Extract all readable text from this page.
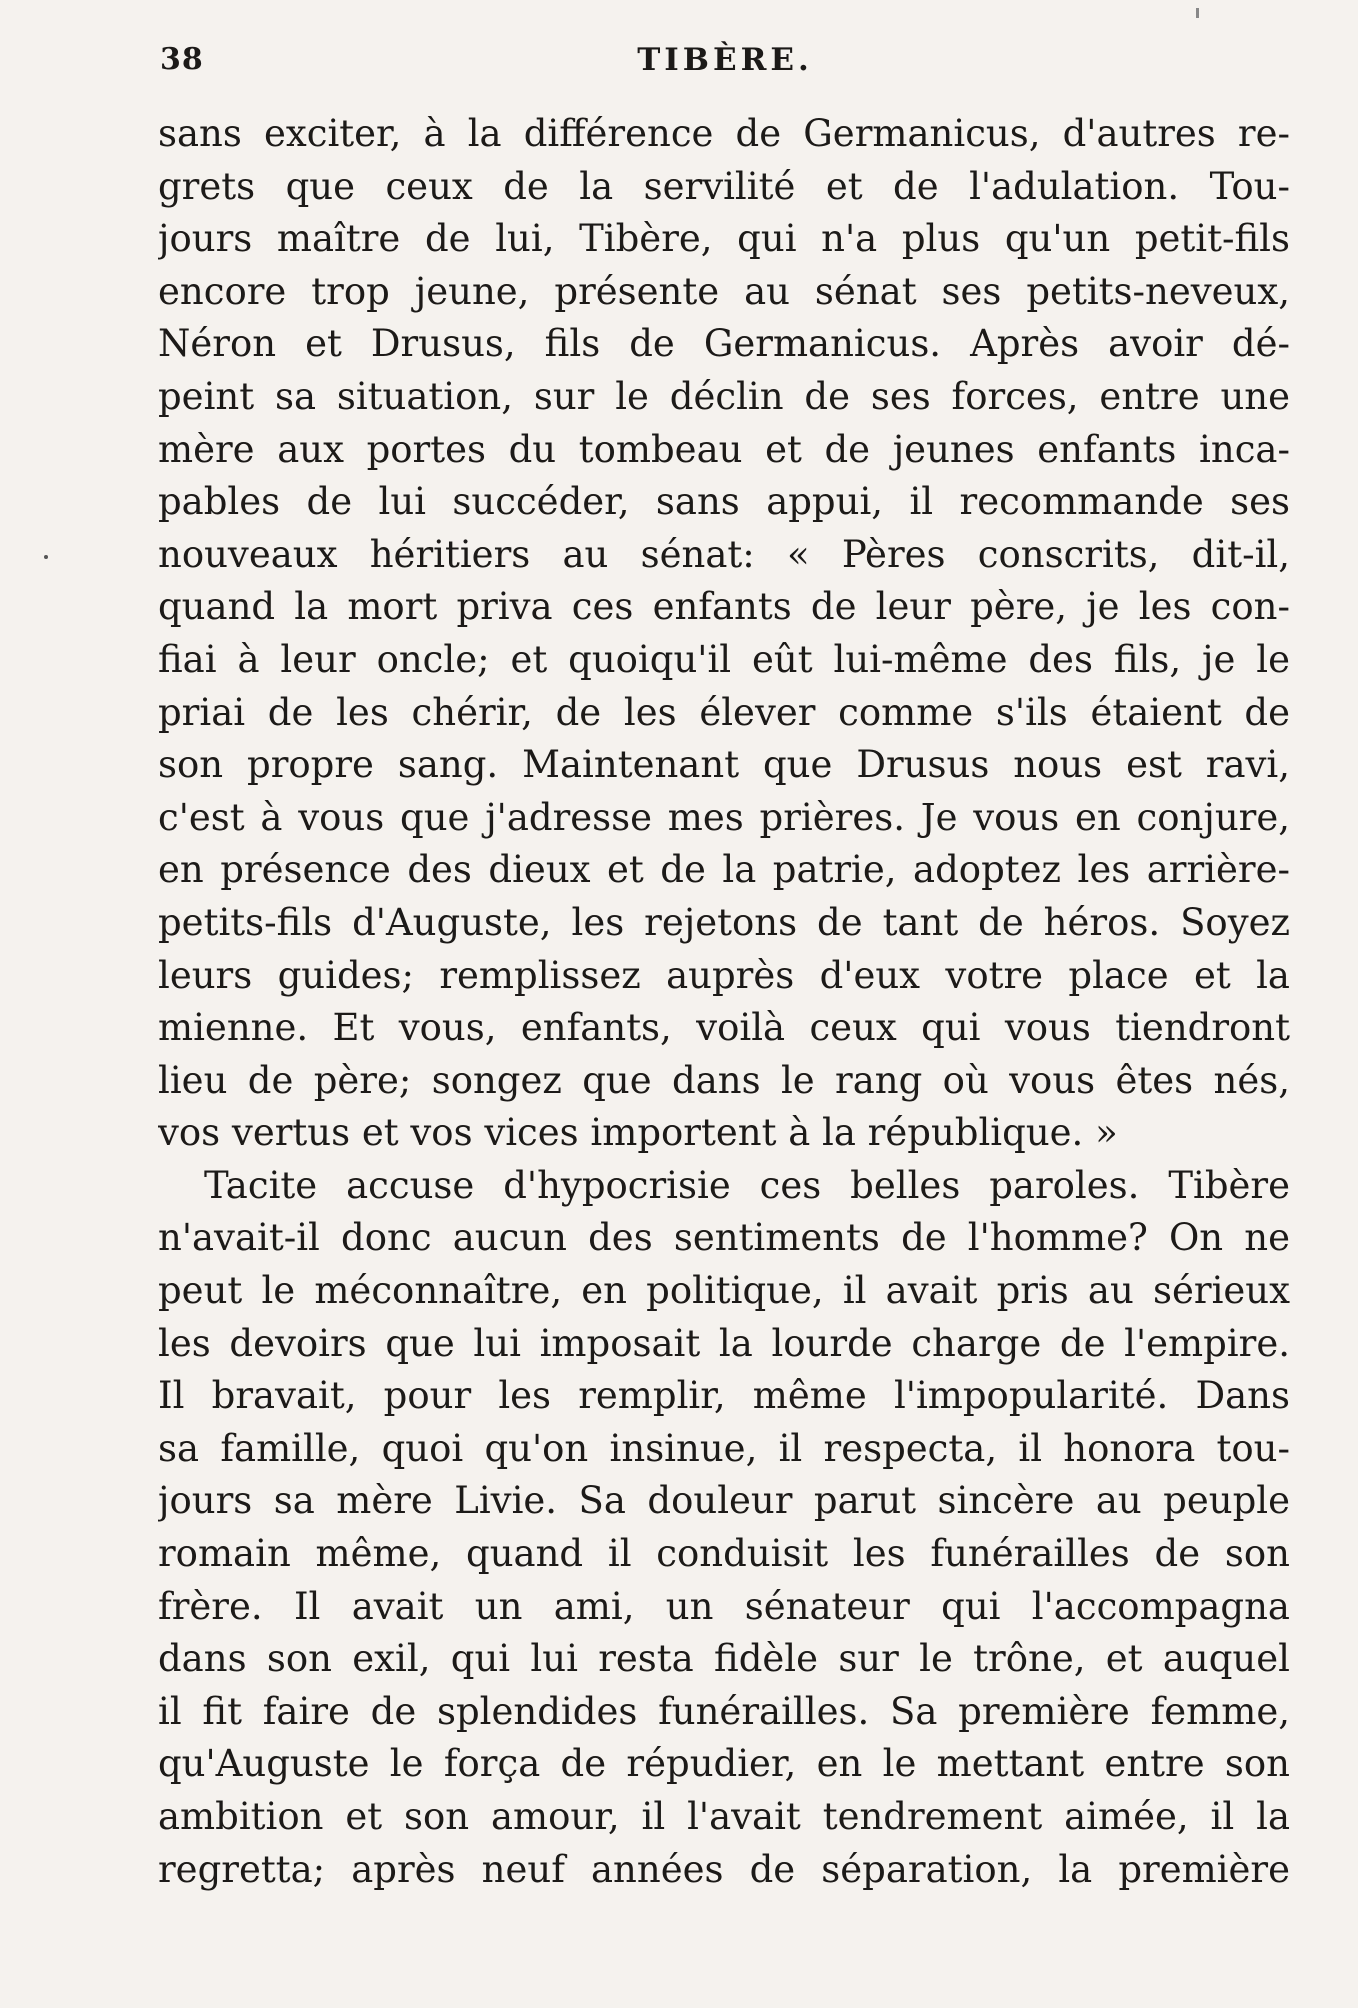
38	TIBÈRE.
sans exciter, à la différence de Germanicus, d'autres re-
grets que ceux de la servilité et de l'adulation. Tou-
jours maître de lui, Tibère, qui n'a plus qu'un petit-fils
encore trop jeune, présente au sénat ses petits-neveux,
Néron et Drusus, fils de Germanicus. Après avoir dé-
peint sa situation, sur le déclin de ses forces, entre une
mère aux portes du tombeau et de jeunes enfants inca-
pables de lui succéder, sans appui, il recommande ses
nouveaux héritiers au sénat: « Pères conscrits, dit-il,
quand la mort priva ces enfants de leur père, je les con-
fiai à leur oncle; et quoiqu'il eût lui-même des fils, je le
priai de les chérir, de les élever comme s'ils étaient de
son propre sang. Maintenant que Drusus nous est ravi,
c'est à vous que j'adresse mes prières. Je vous en conjure,
en présence des dieux et de la patrie, adoptez les arrière-
petits-fils d'Auguste, les rejetons de tant de héros. Soyez
leurs guides; remplissez auprès d'eux votre place et la
mienne. Et vous, enfants, voilà ceux qui vous tiendront
lieu de père; songez que dans le rang où vous êtes nés,
vos vertus et vos vices importent à la république. »
Tacite accuse d'hypocrisie ces belles paroles. Tibère
n'avait-il donc aucun des sentiments de l'homme? On ne
peut le méconnaître, en politique, il avait pris au sérieux
les devoirs que lui imposait la lourde charge de l'empire.
Il bravait, pour les remplir, même l'impopularité. Dans
sa famille, quoi qu'on insinue, il respecta, il honora tou-
jours sa mère Livie. Sa douleur parut sincère au peuple
romain même, quand il conduisit les funérailles de son
frère. Il avait un ami, un sénateur qui l'accompagna
dans son exil, qui lui resta fidèle sur le trône, et auquel
il fit faire de splendides funérailles. Sa première femme,
qu'Auguste le força de répudier, en le mettant entre son
ambition et son amour, il l'avait tendrement aimée, il la
regretta; après neuf années de séparation, la première
